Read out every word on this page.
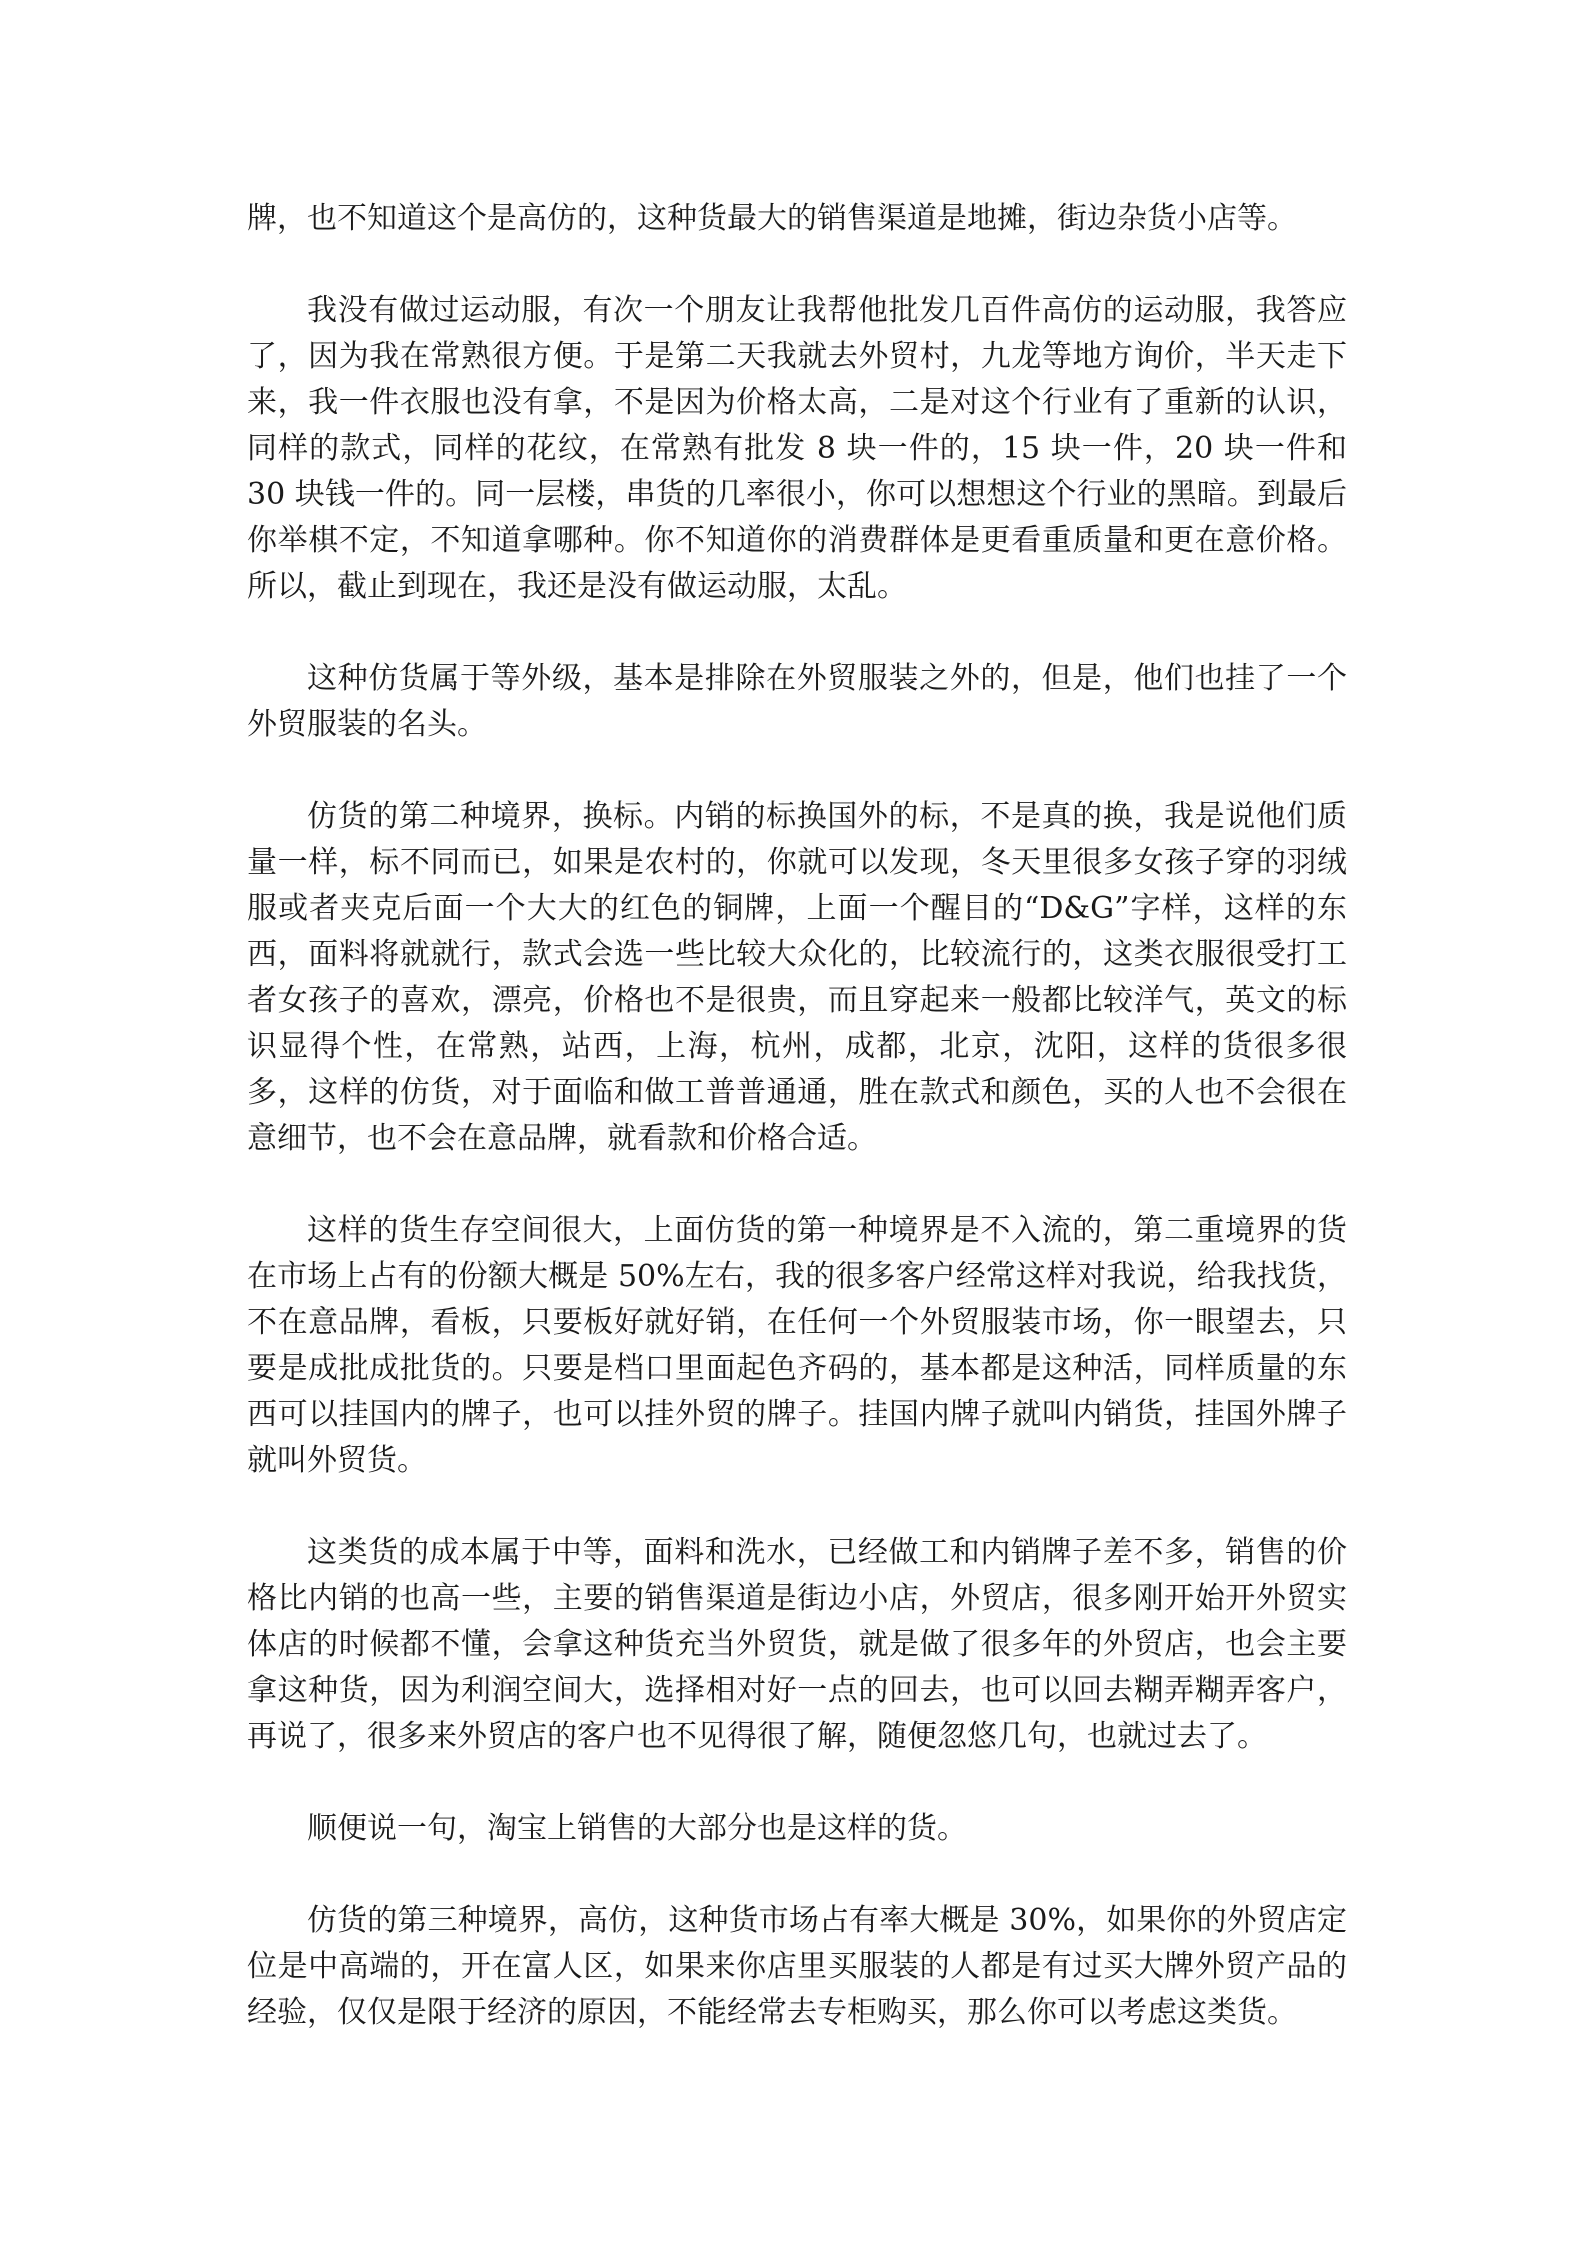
牌，也不知道这个是高仿的，这种货最大的销售渠道是地摊，街边杂货小店等。

我没有做过运动服，有次一个朋友让我帮他批发几百件高仿的运动服，我答应了，因为我在常熟很方便。于是第二天我就去外贸村，九龙等地方询价，半天走下来，我一件衣服也没有拿，不是因为价格太高，二是对这个行业有了重新的认识，同样的款式，同样的花纹，在常熟有批发 8 块一件的，15 块一件，20 块一件和 30 块钱一件的。同一层楼，串货的几率很小，你可以想想这个行业的黑暗。到最后你举棋不定，不知道拿哪种。你不知道你的消费群体是更看重质量和更在意价格。所以，截止到现在，我还是没有做运动服，太乱。

这种仿货属于等外级，基本是排除在外贸服装之外的，但是，他们也挂了一个外贸服装的名头。

仿货的第二种境界，换标。内销的标换国外的标，不是真的换，我是说他们质量一样，标不同而已，如果是农村的，你就可以发现，冬天里很多女孩子穿的羽绒服或者夹克后面一个大大的红色的铜牌，上面一个醒目的“D&G”字样，这样的东西，面料将就就行，款式会选一些比较大众化的，比较流行的，这类衣服很受打工者女孩子的喜欢，漂亮，价格也不是很贵，而且穿起来一般都比较洋气，英文的标识显得个性，在常熟，站西，上海，杭州，成都，北京，沈阳，这样的货很多很多，这样的仿货，对于面临和做工普普通通，胜在款式和颜色，买的人也不会很在意细节，也不会在意品牌，就看款和价格合适。

这样的货生存空间很大，上面仿货的第一种境界是不入流的，第二重境界的货在市场上占有的份额大概是 50%左右，我的很多客户经常这样对我说，给我找货，不在意品牌，看板，只要板好就好销，在任何一个外贸服装市场，你一眼望去，只要是成批成批货的。只要是档口里面起色齐码的，基本都是这种活，同样质量的东西可以挂国内的牌子，也可以挂外贸的牌子。挂国内牌子就叫内销货，挂国外牌子就叫外贸货。

这类货的成本属于中等，面料和洗水，已经做工和内销牌子差不多，销售的价格比内销的也高一些，主要的销售渠道是街边小店，外贸店，很多刚开始开外贸实体店的时候都不懂，会拿这种货充当外贸货，就是做了很多年的外贸店，也会主要拿这种货，因为利润空间大，选择相对好一点的回去，也可以回去糊弄糊弄客户，再说了，很多来外贸店的客户也不见得很了解，随便忽悠几句，也就过去了。

顺便说一句，淘宝上销售的大部分也是这样的货。

仿货的第三种境界，高仿，这种货市场占有率大概是 30%，如果你的外贸店定位是中高端的，开在富人区，如果来你店里买服装的人都是有过买大牌外贸产品的经验，仅仅是限于经济的原因，不能经常去专柜购买，那么你可以考虑这类货。
